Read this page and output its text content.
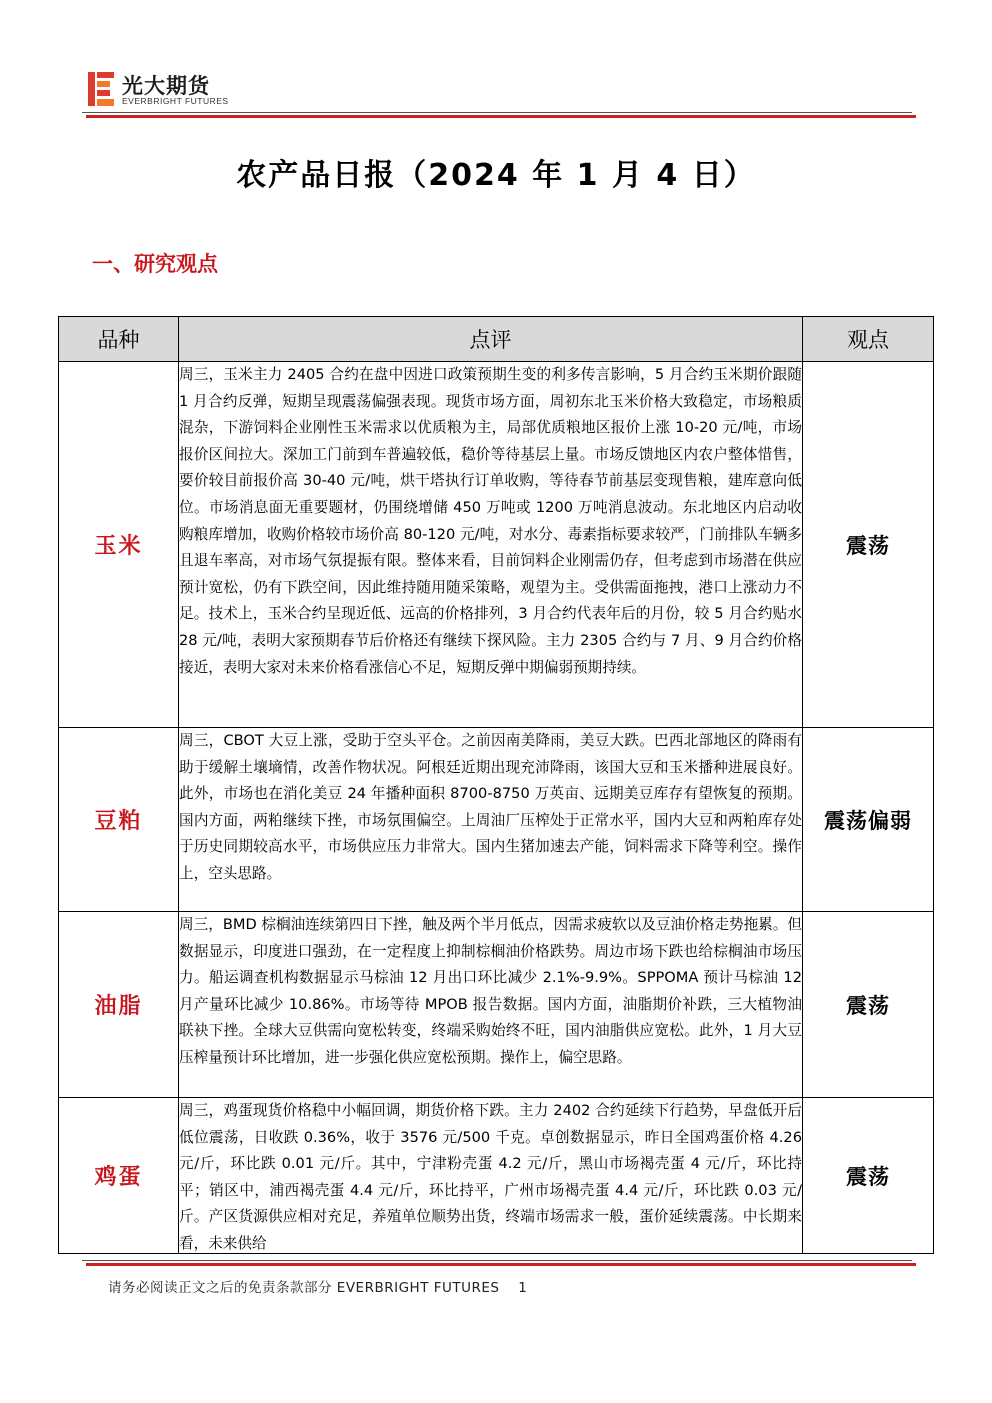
光大期货
EVERBRIGHT FUTURES
农产品日报（2024 年 1 月 4 日）
一、研究观点
品种	点评	观点
玉米	周三，玉米主力 2405 合约在盘中因进口政策预期生变的利多传言影响，5 月合约玉米期价跟随 1 月合约反弹，短期呈现震荡偏强表现。现货市场方面，周初东北玉米价格大致稳定，市场粮质混杂，下游饲料企业刚性玉米需求以优质粮为主，局部优质粮地区报价上涨 10-20 元/吨，市场报价区间拉大。深加工门前到车普遍较低，稳价等待基层上量。市场反馈地区内农户整体惜售，要价较目前报价高 30-40 元/吨，烘干塔执行订单收购，等待春节前基层变现售粮，建库意向低位。市场消息面无重要题材，仍围绕增储 450 万吨或 1200 万吨消息波动。东北地区内启动收购粮库增加，收购价格较市场价高 80-120 元/吨，对水分、毒素指标要求较严，门前排队车辆多且退车率高，对市场气氛提振有限。整体来看，目前饲料企业刚需仍存，但考虑到市场潜在供应预计宽松，仍有下跌空间，因此维持随用随采策略，观望为主。受供需面拖拽，港口上涨动力不足。技术上，玉米合约呈现近低、远高的价格排列，3 月合约代表年后的月份，较 5 月合约贴水 28 元/吨，表明大家预期春节后价格还有继续下探风险。主力 2305 合约与 7 月、9 月合约价格接近，表明大家对未来价格看涨信心不足，短期反弹中期偏弱预期持续。	震荡
豆粕	周三，CBOT 大豆上涨，受助于空头平仓。之前因南美降雨，美豆大跌。巴西北部地区的降雨有助于缓解土壤墒情，改善作物状况。阿根廷近期出现充沛降雨，该国大豆和玉米播种进展良好。此外，市场也在消化美豆 24 年播种面积 8700-8750 万英亩、远期美豆库存有望恢复的预期。国内方面，两粕继续下挫，市场氛围偏空。上周油厂压榨处于正常水平，国内大豆和两粕库存处于历史同期较高水平，市场供应压力非常大。国内生猪加速去产能，饲料需求下降等利空。操作上，空头思路。	震荡偏弱
油脂	周三，BMD 棕榈油连续第四日下挫，触及两个半月低点，因需求疲软以及豆油价格走势拖累。但数据显示，印度进口强劲，在一定程度上抑制棕榈油价格跌势。周边市场下跌也给棕榈油市场压力。船运调查机构数据显示马棕油 12 月出口环比减少 2.1%-9.9%。SPPOMA 预计马棕油 12 月产量环比减少 10.86%。市场等待 MPOB 报告数据。国内方面，油脂期价补跌，三大植物油联袂下挫。全球大豆供需向宽松转变，终端采购始终不旺，国内油脂供应宽松。此外，1 月大豆压榨量预计环比增加，进一步强化供应宽松预期。操作上，偏空思路。	震荡
鸡蛋	周三，鸡蛋现货价格稳中小幅回调，期货价格下跌。主力 2402 合约延续下行趋势，早盘低开后低位震荡，日收跌 0.36%，收于 3576 元/500 千克。卓创数据显示，昨日全国鸡蛋价格 4.26 元/斤，环比跌 0.01 元/斤。其中，宁津粉壳蛋 4.2 元/斤，黑山市场褐壳蛋 4 元/斤，环比持平；销区中，浦西褐壳蛋 4.4 元/斤，环比持平，广州市场褐壳蛋 4.4 元/斤，环比跌 0.03 元/斤。产区货源供应相对充足，养殖单位顺势出货，终端市场需求一般，蛋价延续震荡。中长期来看，未来供给	震荡
请务必阅读正文之后的免责条款部分 EVERBRIGHT FUTURES 1
